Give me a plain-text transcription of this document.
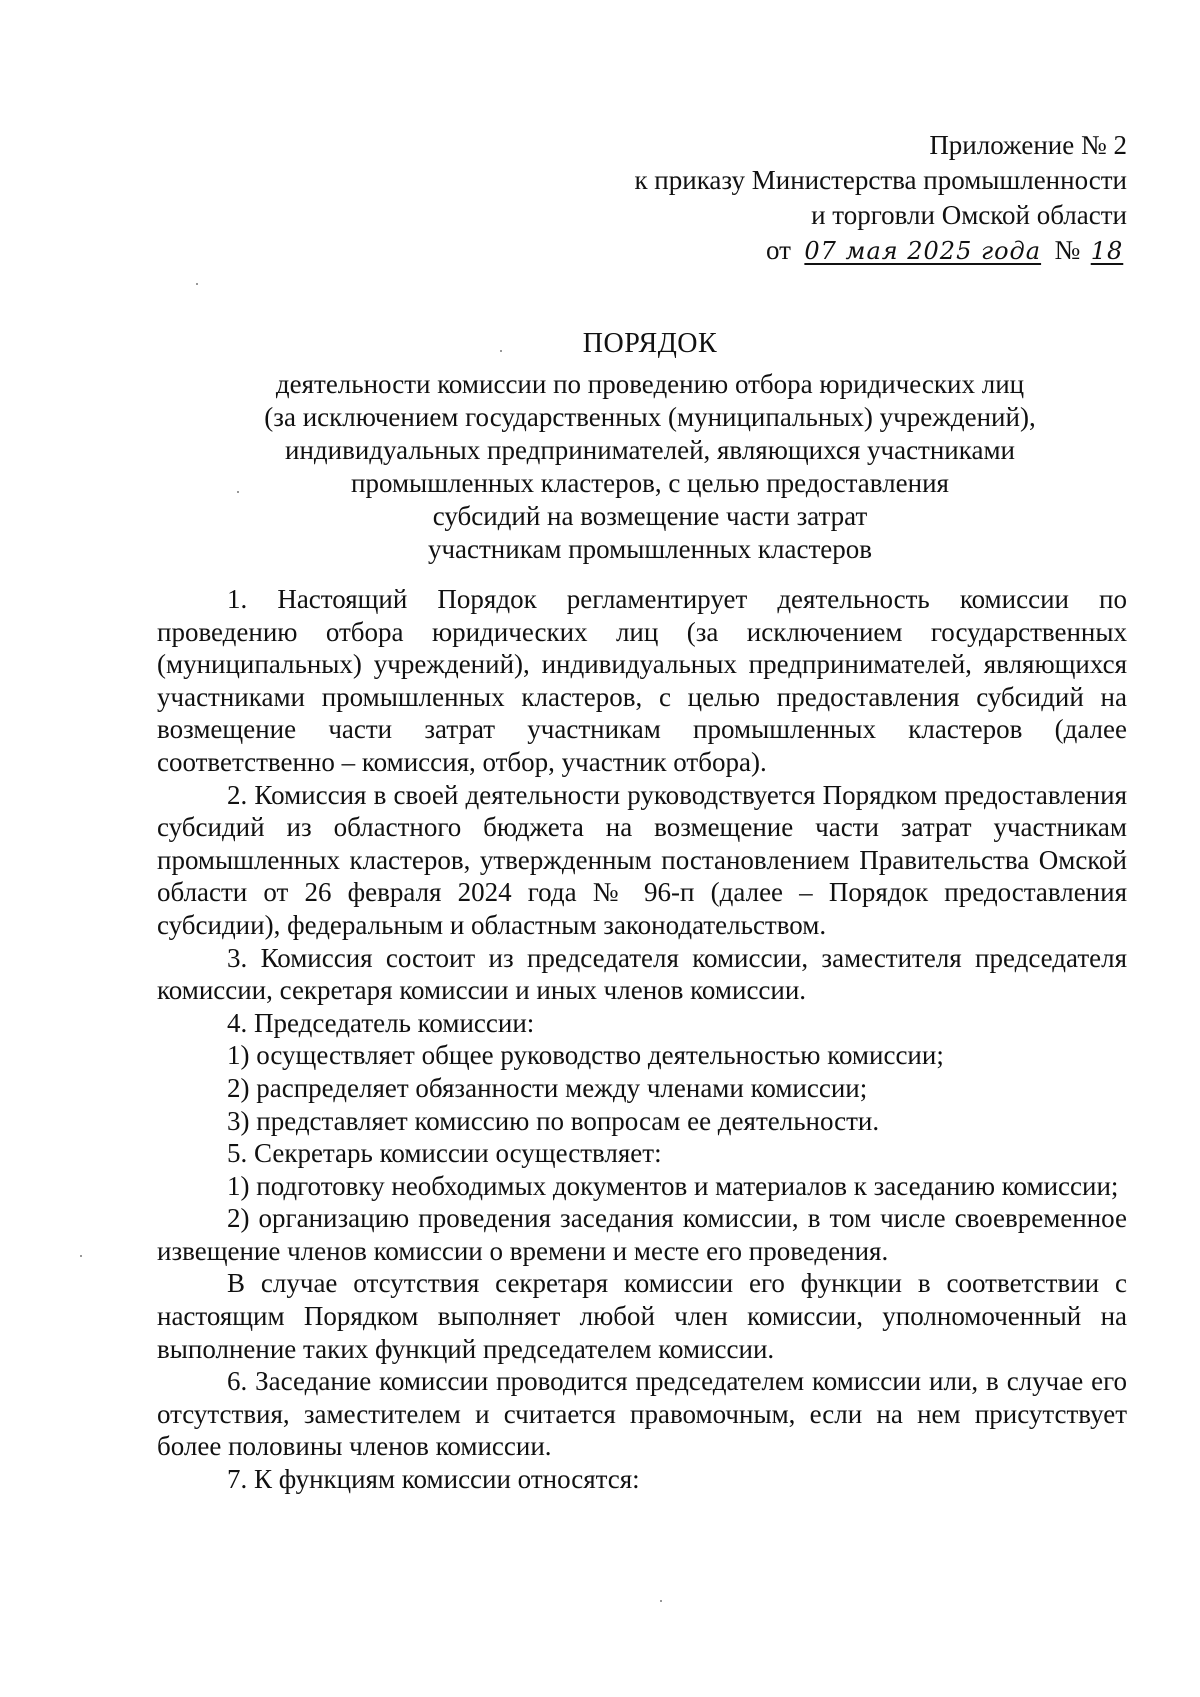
Приложение № 2
к приказу Министерства промышленности
и торговли Омской области
от 07 мая 2025 года № 18
ПОРЯДОК
деятельности комиссии по проведению отбора юридических лиц
(за исключением государственных (муниципальных) учреждений),
индивидуальных предпринимателей, являющихся участниками
промышленных кластеров, с целью предоставления
субсидий на возмещение части затрат
участникам промышленных кластеров

1. Настоящий Порядок регламентирует деятельность комиссии по проведению отбора юридических лиц (за исключением государственных (муниципальных) учреждений), индивидуальных предпринимателей, являющихся участниками промышленных кластеров, с целью предоставления субсидий на возмещение части затрат участникам промышленных кластеров (далее соответственно – комиссия, отбор, участник отбора).

2. Комиссия в своей деятельности руководствуется Порядком предоставления субсидий из областного бюджета на возмещение части затрат участникам промышленных кластеров, утвержденным постановлением Правительства Омской области от 26 февраля 2024 года № 96-п (далее – Порядок предоставления субсидии), федеральным и областным законодательством.

3. Комиссия состоит из председателя комиссии, заместителя председателя комиссии, секретаря комиссии и иных членов комиссии.

4. Председатель комиссии:

1) осуществляет общее руководство деятельностью комиссии;

2) распределяет обязанности между членами комиссии;

3) представляет комиссию по вопросам ее деятельности.

5. Секретарь комиссии осуществляет:

1) подготовку необходимых документов и материалов к заседанию комиссии;

2) организацию проведения заседания комиссии, в том числе своевременное извещение членов комиссии о времени и месте его проведения.

В случае отсутствия секретаря комиссии его функции в соответствии с настоящим Порядком выполняет любой член комиссии, уполномоченный на выполнение таких функций председателем комиссии.

6. Заседание комиссии проводится председателем комиссии или, в случае его отсутствия, заместителем и считается правомочным, если на нем присутствует более половины членов комиссии.

7. К функциям комиссии относятся:
